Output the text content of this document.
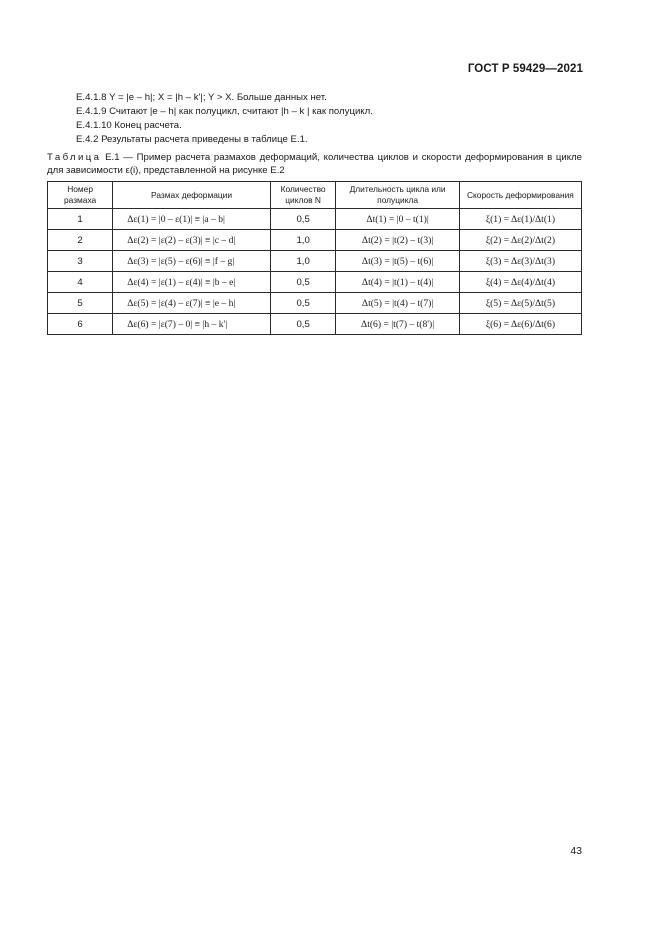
ГОСТ Р 59429—2021
Е.4.1.8 Y = |e – h|; X = |h – k'|; Y > X. Больше данных нет.
Е.4.1.9 Считают |e – h| как полуцикл, считают |h – k | как полуцикл.
Е.4.1.10 Конец расчета.
Е.4.2 Результаты расчета приведены в таблице Е.1.
Таблица Е.1 — Пример расчета размахов деформаций, количества циклов и скорости деформирования в цикле для зависимости ε(i), представленной на рисунке Е.2
Номер размаха	Размах деформации	Количество циклов N	Длительность цикла или полуцикла	Скорость деформирования
1	Δε(1) = |0 – ε(1)| ≡ |a – b|	0,5	Δt(1) = |0 – t(1)|	ξ(1) = Δε(1)/Δt(1)
2	Δε(2) = |ε(2) – ε(3)| ≡ |c – d|	1,0	Δt(2) = |t(2) – t(3)|	ξ(2) = Δε(2)/Δt(2)
3	Δε(3) = |ε(5) – ε(6)| ≡ |f – g|	1,0	Δt(3) = |t(5) – t(6)|	ξ(3) = Δε(3)/Δt(3)
4	Δε(4) = |ε(1) – ε(4)| ≡ |b – e|	0,5	Δt(4) = |t(1) – t(4)|	ξ(4) = Δε(4)/Δt(4)
5	Δε(5) = |ε(4) – ε(7)| ≡ |e – h|	0,5	Δt(5) = |t(4) – t(7)|	ξ(5) = Δε(5)/Δt(5)
6	Δε(6) = |ε(7) – 0| ≡ |h – k'|	0,5	Δt(6) = |t(7) – t(8')|	ξ(6) = Δε(6)/Δt(6)
43
